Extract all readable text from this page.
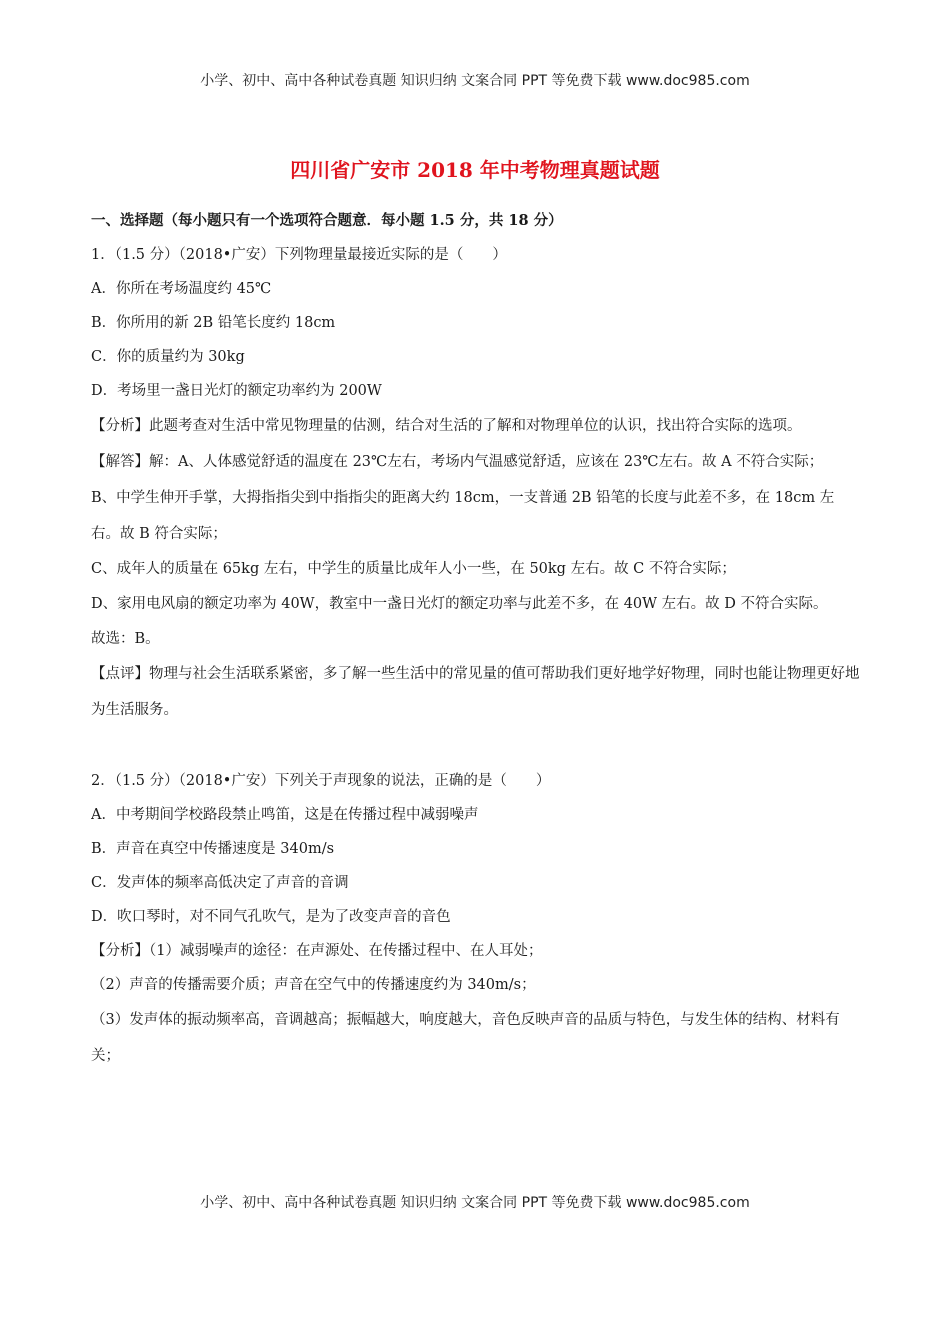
小学、初中、高中各种试卷真题 知识归纳 文案合同 PPT 等免费下载 www.doc985.com
四川省广安市 2018 年中考物理真题试题
一、选择题（每小题只有一个选项符合题意．每小题 1.5 分，共 18 分）
1．（1.5 分）（2018•广安）下列物理量最接近实际的是（　　）
A．你所在考场温度约 45℃
B．你所用的新 2B 铅笔长度约 18cm
C．你的质量约为 30kg
D．考场里一盏日光灯的额定功率约为 200W
【分析】此题考查对生活中常见物理量的估测，结合对生活的了解和对物理单位的认识，找出符合实际的选项。
【解答】解：A、人体感觉舒适的温度在 23℃左右，考场内气温感觉舒适，应该在 23℃左右。故 A 不符合实际；
B、中学生伸开手掌，大拇指指尖到中指指尖的距离大约 18cm，一支普通 2B 铅笔的长度与此差不多，在 18cm 左右。故 B 符合实际；
C、成年人的质量在 65kg 左右，中学生的质量比成年人小一些，在 50kg 左右。故 C 不符合实际；
D、家用电风扇的额定功率为 40W，教室中一盏日光灯的额定功率与此差不多，在 40W 左右。故 D 不符合实际。
故选：B。
【点评】物理与社会生活联系紧密，多了解一些生活中的常见量的值可帮助我们更好地学好物理，同时也能让物理更好地为生活服务。
2．（1.5 分）（2018•广安）下列关于声现象的说法，正确的是（　　）
A．中考期间学校路段禁止鸣笛，这是在传播过程中减弱噪声
B．声音在真空中传播速度是 340m/s
C．发声体的频率高低决定了声音的音调
D．吹口琴时，对不同气孔吹气，是为了改变声音的音色
【分析】（1）减弱噪声的途径：在声源处、在传播过程中、在人耳处；
（2）声音的传播需要介质；声音在空气中的传播速度约为 340m/s；
（3）发声体的振动频率高，音调越高；振幅越大，响度越大，音色反映声音的品质与特色，与发生体的结构、材料有关；
小学、初中、高中各种试卷真题 知识归纳 文案合同 PPT 等免费下载 www.doc985.com
